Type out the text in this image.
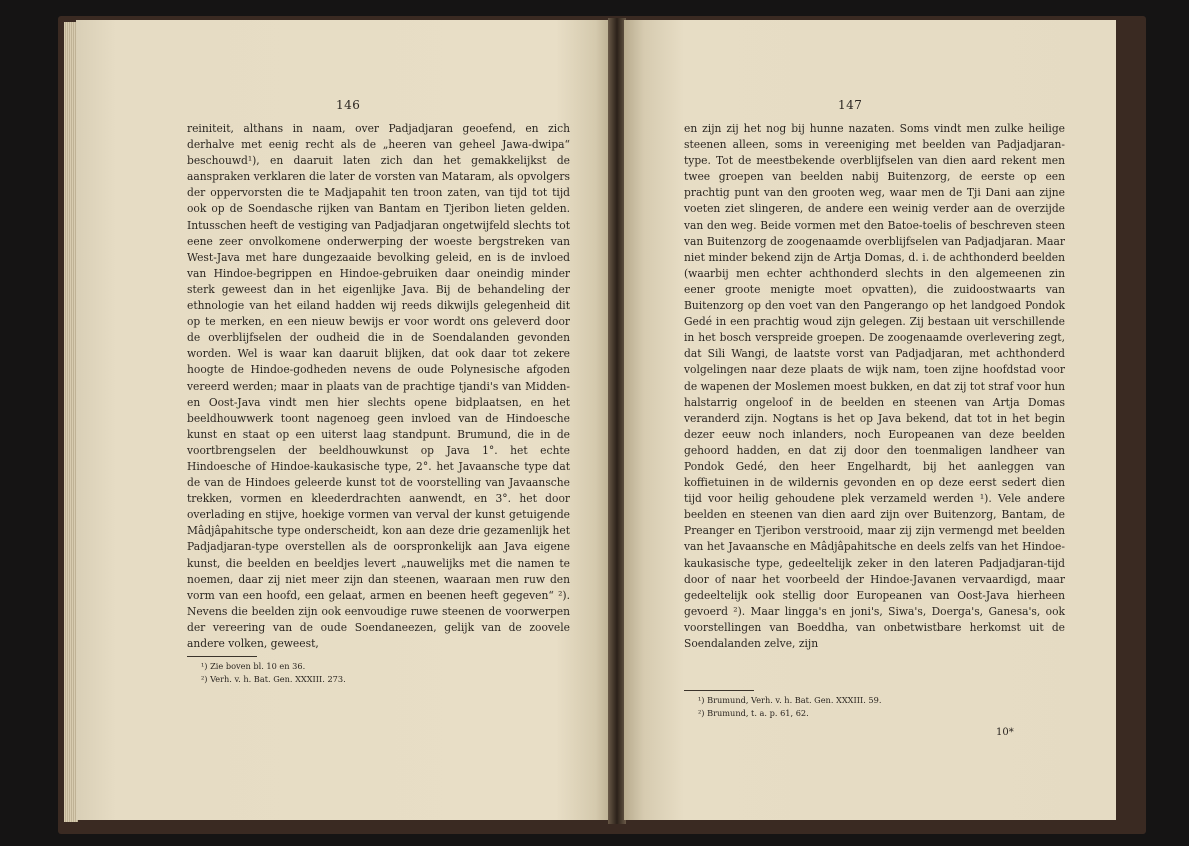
146

reiniteit, althans in naam, over Padjadjaran geoefend, en zich derhalve met eenig recht als de „heeren van geheel Jawa-dwipa“ beschouwd¹), en daaruit laten zich dan het gemakkelijkst de aanspraken verklaren die later de vorsten van Mataram, als opvolgers der oppervorsten die te Madjapahit ten troon zaten, van tijd tot tijd ook op de Soendasche rijken van Bantam en Tjeribon lieten gelden. Intusschen heeft de vestiging van Padjadjaran ongetwijfeld slechts tot eene zeer onvolkomene onderwerping der woeste bergstreken van West-Java met hare dungezaaide bevolking geleid, en is de invloed van Hindoe-begrippen en Hindoe-gebruiken daar oneindig minder sterk geweest dan in het eigenlijke Java. Bij de behandeling der ethnologie van het eiland hadden wij reeds dikwijls gelegenheid dit op te merken, en een nieuw bewijs er voor wordt ons geleverd door de overblijfselen der oudheid die in de Soendalanden gevonden worden. Wel is waar kan daaruit blijken, dat ook daar tot zekere hoogte de Hindoe-godheden nevens de oude Polynesische afgoden vereerd werden; maar in plaats van de prachtige tjandi's van Midden- en Oost-Java vindt men hier slechts opene bidplaatsen, en het beeldhouwwerk toont nagenoeg geen invloed van de Hindoesche kunst en staat op een uiterst laag standpunt. Brumund, die in de voortbrengselen der beeldhouwkunst op Java 1°. het echte Hindoesche of Hindoe-kaukasische type, 2°. het Javaansche type dat de van de Hindoes geleerde kunst tot de voorstelling van Javaansche trekken, vormen en kleederdrachten aanwendt, en 3°. het door overlading en stijve, hoekige vormen van verval der kunst getuigende Mâdjâpahitsche type onderscheidt, kon aan deze drie gezamenlijk het Padjadjaran-type overstellen als de oorspronkelijk aan Java eigene kunst, die beelden en beeldjes levert „nauwelijks met die namen te noemen, daar zij niet meer zijn dan steenen, waaraan men ruw den vorm van een hoofd, een gelaat, armen en beenen heeft gegeven“ ²). Nevens die beelden zijn ook eenvoudige ruwe steenen de voorwerpen der vereering van de oude Soendaneezen, gelijk van de zoovele andere volken, geweest,

¹) Zie boven bl. 10 en 36.
²) Verh. v. h. Bat. Gen. XXXIII. 273.
147

en zijn zij het nog bij hunne nazaten. Soms vindt men zulke heilige steenen alleen, soms in vereeniging met beelden van Padjadjaran-type. Tot de meestbekende overblijfselen van dien aard rekent men twee groepen van beelden nabij Buitenzorg, de eerste op een prachtig punt van den grooten weg, waar men de Tji Dani aan zijne voeten ziet slingeren, de andere een weinig verder aan de overzijde van den weg. Beide vormen met den Batoe-toelis of beschreven steen van Buitenzorg de zoogenaamde overblijfselen van Padjadjaran. Maar niet minder bekend zijn de Artja Domas, d. i. de achthonderd beelden (waarbij men echter achthonderd slechts in den algemeenen zin eener groote menigte moet opvatten), die zuidoostwaarts van Buitenzorg op den voet van den Pangerango op het landgoed Pondok Gedé in een prachtig woud zijn gelegen. Zij bestaan uit verschillende in het bosch verspreide groepen. De zoogenaamde overlevering zegt, dat Sili Wangi, de laatste vorst van Padjadjaran, met achthonderd volgelingen naar deze plaats de wijk nam, toen zijne hoofdstad voor de wapenen der Moslemen moest bukken, en dat zij tot straf voor hun halstarrig ongeloof in de beelden en steenen van Artja Domas veranderd zijn. Nogtans is het op Java bekend, dat tot in het begin dezer eeuw noch inlanders, noch Europeanen van deze beelden gehoord hadden, en dat zij door den toenmaligen landheer van Pondok Gedé, den heer Engelhardt, bij het aanleggen van koffietuinen in de wildernis gevonden en op deze eerst sedert dien tijd voor heilig gehoudene plek verzameld werden ¹). Vele andere beelden en steenen van dien aard zijn over Buitenzorg, Bantam, de Preanger en Tjeribon verstrooid, maar zij zijn vermengd met beelden van het Javaansche en Mâdjâpahitsche en deels zelfs van het Hindoe-kaukasische type, gedeeltelijk zeker in den lateren Padjadjaran-tijd door of naar het voorbeeld der Hindoe-Javanen vervaardigd, maar gedeeltelijk ook stellig door Europeanen van Oost-Java hierheen gevoerd ²). Maar lingga's en joni's, Siwa's, Doerga's, Ganesa's, ook voorstellingen van Boeddha, van onbetwistbare herkomst uit de Soendalanden zelve, zijn

¹) Brumund, Verh. v. h. Bat. Gen. XXXIII. 59.
²) Brumund, t. a. p. 61, 62.
10*
